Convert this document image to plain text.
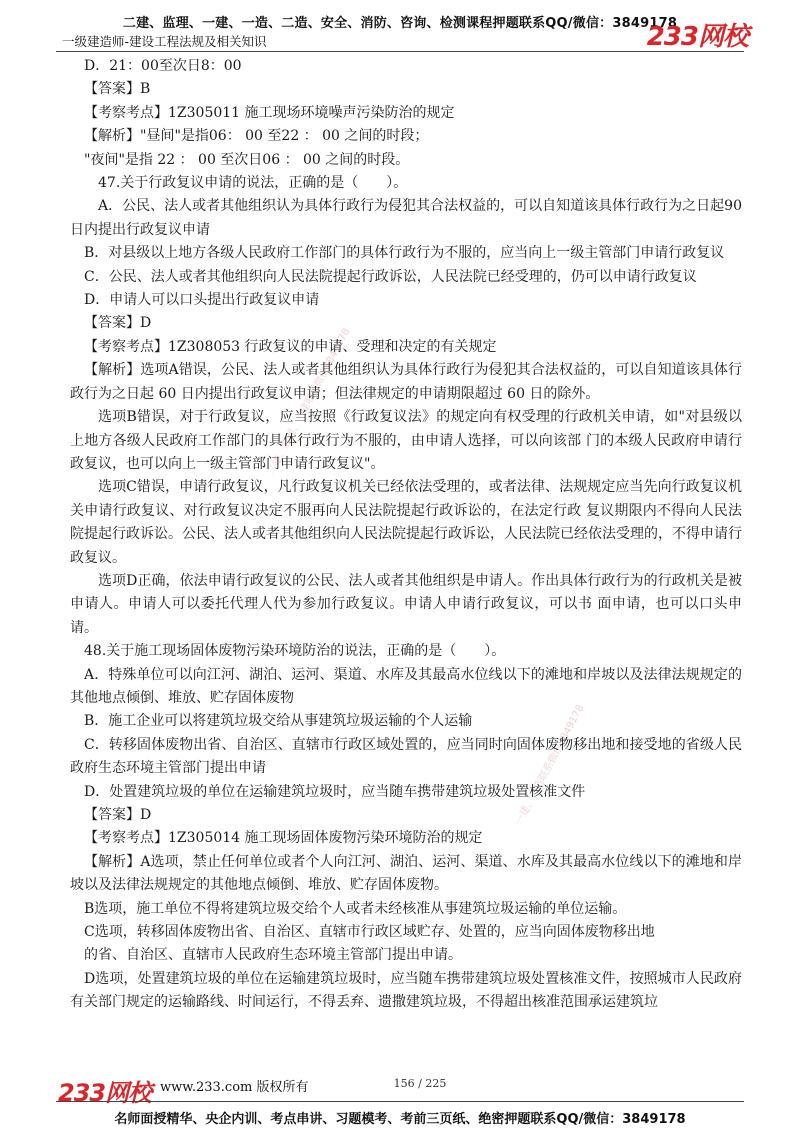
二建、监理、一建、一造、二造、安全、消防、咨询、检测课程押题联系QQ/微信：3849178
233网校
一级建造师-建设工程法规及相关知识
二建、监理、一建联系微信3849178
一建、一造联系微信3849178

D．21：00至次日8：00

【答案】B

【考察考点】1Z305011 施工现场环境噪声污染防治的规定

【解析】"昼间"是指06： 00 至22 ： 00 之间的时段；

"夜间"是指 22 ： 00 至次日06 ： 00 之间的时段。

47.关于行政复议申请的说法，正确的是（　　）。

A．公民、法人或者其他组织认为具体行政行为侵犯其合法权益的，可以自知道该具体行政行为之日起90日内提出行政复议申请

B．对县级以上地方各级人民政府工作部门的具体行政行为不服的，应当向上一级主管部门申请行政复议

C．公民、法人或者其他组织向人民法院提起行政诉讼，人民法院已经受理的，仍可以申请行政复议

D．申请人可以口头提出行政复议申请

【答案】D

【考察考点】1Z308053 行政复议的申请、受理和决定的有关规定

【解析】选项A错误，公民、法人或者其他组织认为具体行政行为侵犯其合法权益的，可以自知道该具体行政行为之日起 60 日内提出行政复议申请；但法律规定的申请期限超过 60 日的除外。

选项B错误，对于行政复议，应当按照《行政复议法》的规定向有权受理的行政机关申请，如"对县级以上地方各级人民政府工作部门的具体行政行为不服的，由申请人选择，可以向该部 门的本级人民政府申请行政复议，也可以向上一级主管部门申请行政复议"。

选项C错误，申请行政复议，凡行政复议机关已经依法受理的，或者法律、法规规定应当先向行政复议机关申请行政复议、对行政复议决定不服再向人民法院提起行政诉讼的，在法定行政 复议期限内不得向人民法院提起行政诉讼。公民、法人或者其他组织向人民法院提起行政诉讼，人民法院已经依法受理的，不得申请行政复议。

选项D正确，依法申请行政复议的公民、法人或者其他组织是申请人。作出具体行政行为的行政机关是被申请人。申请人可以委托代理人代为参加行政复议。申请人申请行政复议，可以书 面申请，也可以口头申请。

48.关于施工现场固体废物污染环境防治的说法，正确的是（　　）。

A．特殊单位可以向江河、湖泊、运河、渠道、水库及其最高水位线以下的滩地和岸坡以及法律法规规定的其他地点倾倒、堆放、贮存固体废物

B．施工企业可以将建筑垃圾交给从事建筑垃圾运输的个人运输

C．转移固体废物出省、自治区、直辖市行政区域处置的，应当同时向固体废物移出地和接受地的省级人民政府生态环境主管部门提出申请

D．处置建筑垃圾的单位在运输建筑垃圾时，应当随车携带建筑垃圾处置核准文件

【答案】D

【考察考点】1Z305014 施工现场固体废物污染环境防治的规定

【解析】A选项，禁止任何单位或者个人向江河、湖泊、运河、渠道、水库及其最高水位线以下的滩地和岸坡以及法律法规规定的其他地点倾倒、堆放、贮存固体废物。

B选项，施工单位不得将建筑垃圾交给个人或者未经核准从事建筑垃圾运输的单位运输。

C选项，转移固体废物出省、自治区、直辖市行政区域贮存、处置的，应当向固体废物移出地

的省、自治区、直辖市人民政府生态环境主管部门提出申请。

D选项，处置建筑垃圾的单位在运输建筑垃圾时，应当随车携带建筑垃圾处置核准文件，按照城市人民政府有关部门规定的运输路线、时间运行，不得丢弃、遗撒建筑垃圾，不得超出核准范围承运建筑垃

233网校 www.233.com 版权所有	156 / 225
名师面授精华、央企内训、考点串讲、习题模考、考前三页纸、绝密押题联系QQ/微信：3849178
